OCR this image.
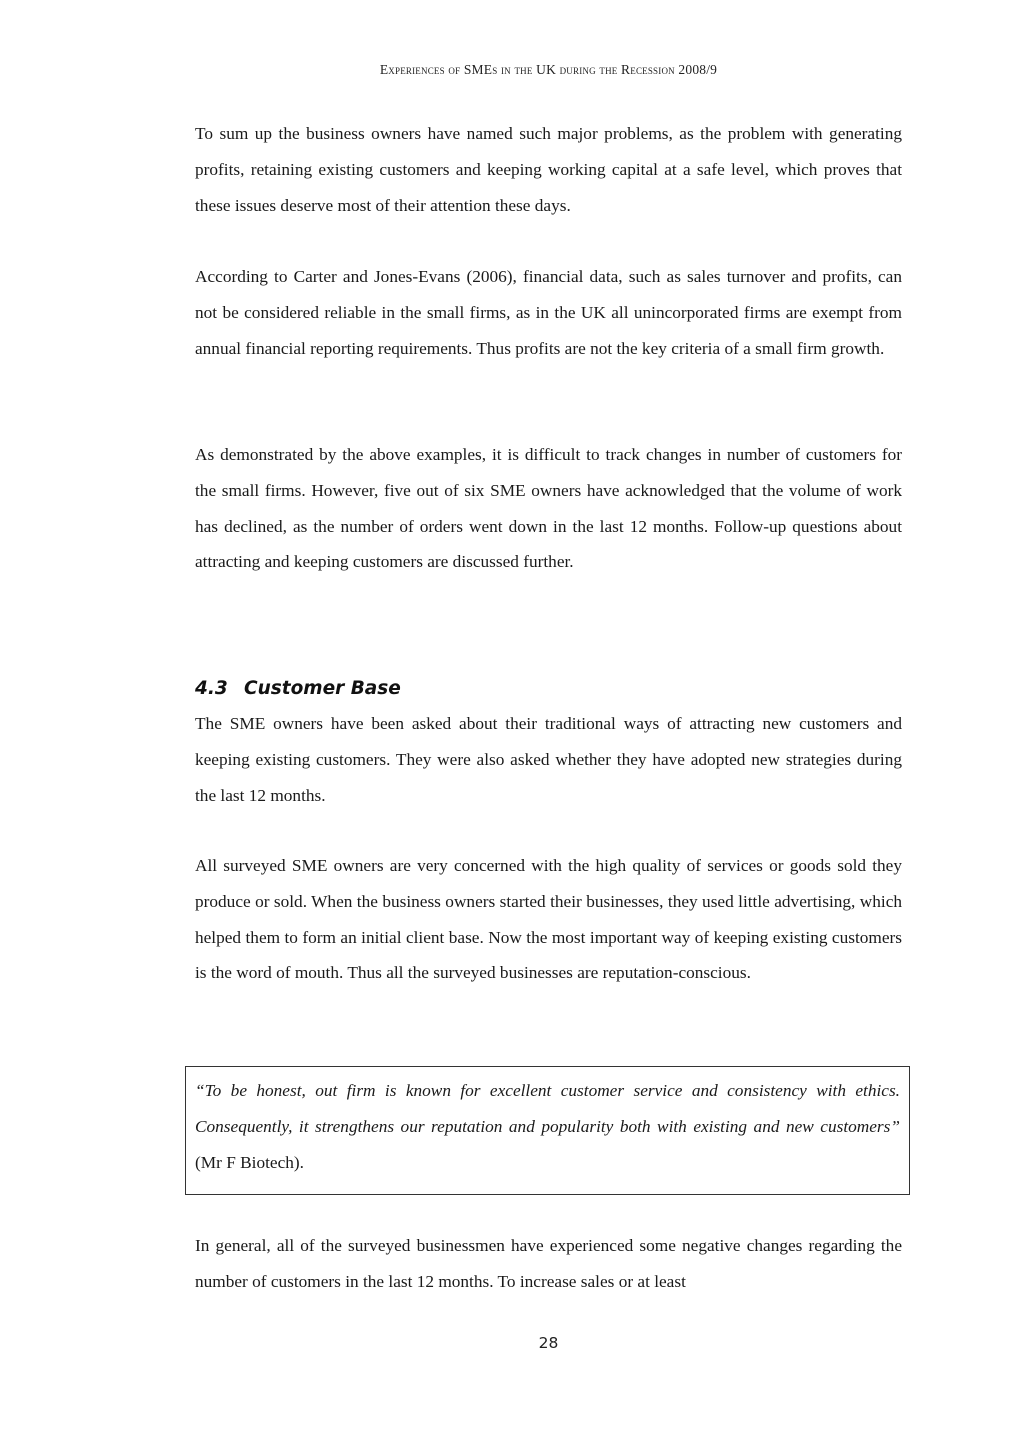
Experiences of SMEs in the UK during the Recession 2008/9

To sum up the business owners have named such major problems, as the problem with generating profits, retaining existing customers and keeping working capital at a safe level, which proves that these issues deserve most of their attention these days.

According to Carter and Jones-Evans (2006), financial data, such as sales turnover and profits, can not be considered reliable in the small firms, as in the UK all unincorporated firms are exempt from annual financial reporting requirements. Thus profits are not the key criteria of a small firm growth.

As demonstrated by the above examples, it is difficult to track changes in number of customers for the small firms. However, five out of six SME owners have acknowledged that the volume of work has declined, as the number of orders went down in the last 12 months. Follow-up questions about attracting and keeping customers are discussed further.

4.3 Customer Base

The SME owners have been asked about their traditional ways of attracting new customers and keeping existing customers. They were also asked whether they have adopted new strategies during the last 12 months.

All surveyed SME owners are very concerned with the high quality of services or goods sold they produce or sold. When the business owners started their businesses, they used little advertising, which helped them to form an initial client base. Now the most important way of keeping existing customers is the word of mouth. Thus all the surveyed businesses are reputation-conscious.

“To be honest, out firm is known for excellent customer service and consistency with ethics. Consequently, it strengthens our reputation and popularity both with existing and new customers” (Mr F Biotech).

In general, all of the surveyed businessmen have experienced some negative changes regarding the number of customers in the last 12 months. To increase sales or at least

28
